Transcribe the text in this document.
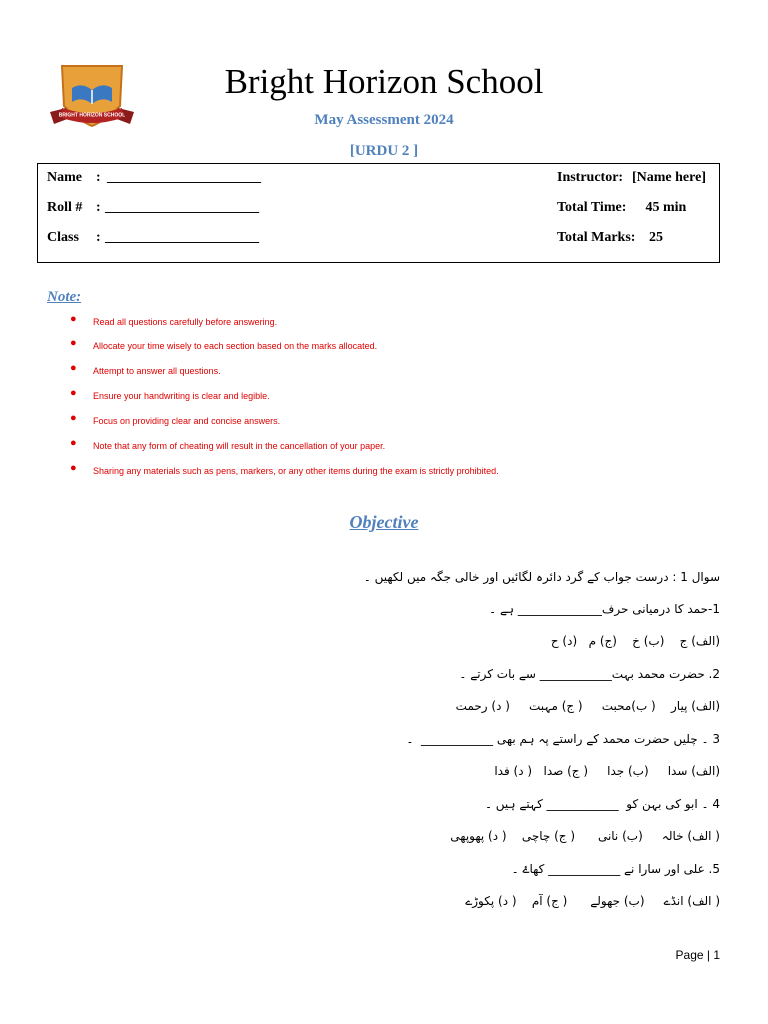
BRIGHT HORIZON SCHOOL
Bright Horizon School
May Assessment 2024
[URDU 2 ]
Name : ______________________
Roll # : ______________________
Class : ______________________
Instructor: [Name here]
Total Time: 45 min
Total Marks: 25
Note:
● Read all questions carefully before answering.
● Allocate your time wisely to each section based on the marks allocated.
● Attempt to answer all questions.
● Ensure your handwriting is clear and legible.
● Focus on providing clear and concise answers.
● Note that any form of cheating will result in the cancellation of your paper.
● Sharing any materials such as pens, markers, or any other items during the exam is strictly prohibited.
Objective
سوال 1 : درست جواب کے گرد دائرہ لگائیں اور خالی جگہ میں لکھیں ۔
1-حمد کا درمیانی حرف______________ ہے ۔
(الف) ج    (ب) خ    (ج) م   (د) ح
2. حضرت محمد بہت____________ سے بات کرتے ۔
(الف) پیار    ( ب)محبت     ( ج) مہبت     ( د) رحمت
3 ۔ چلیں حضرت محمد کے راستے پہ ہم بھی ____________  ۔
(الف) سدا     (ب) جدا     ( ج) صدا   ( د) فدا
4 ۔ ابو کی بہن کو  ____________ کہتے ہیں ۔
( الف) خالہ     (ب) نانی      ( ج) چاچی    ( د) پھوپھی
5. علی اور سارا نے ____________ کھاۓ ۔
( الف) انڈے     (ب) جھولے      ( ج) آم    ( د) پکوڑے
Page | 1
